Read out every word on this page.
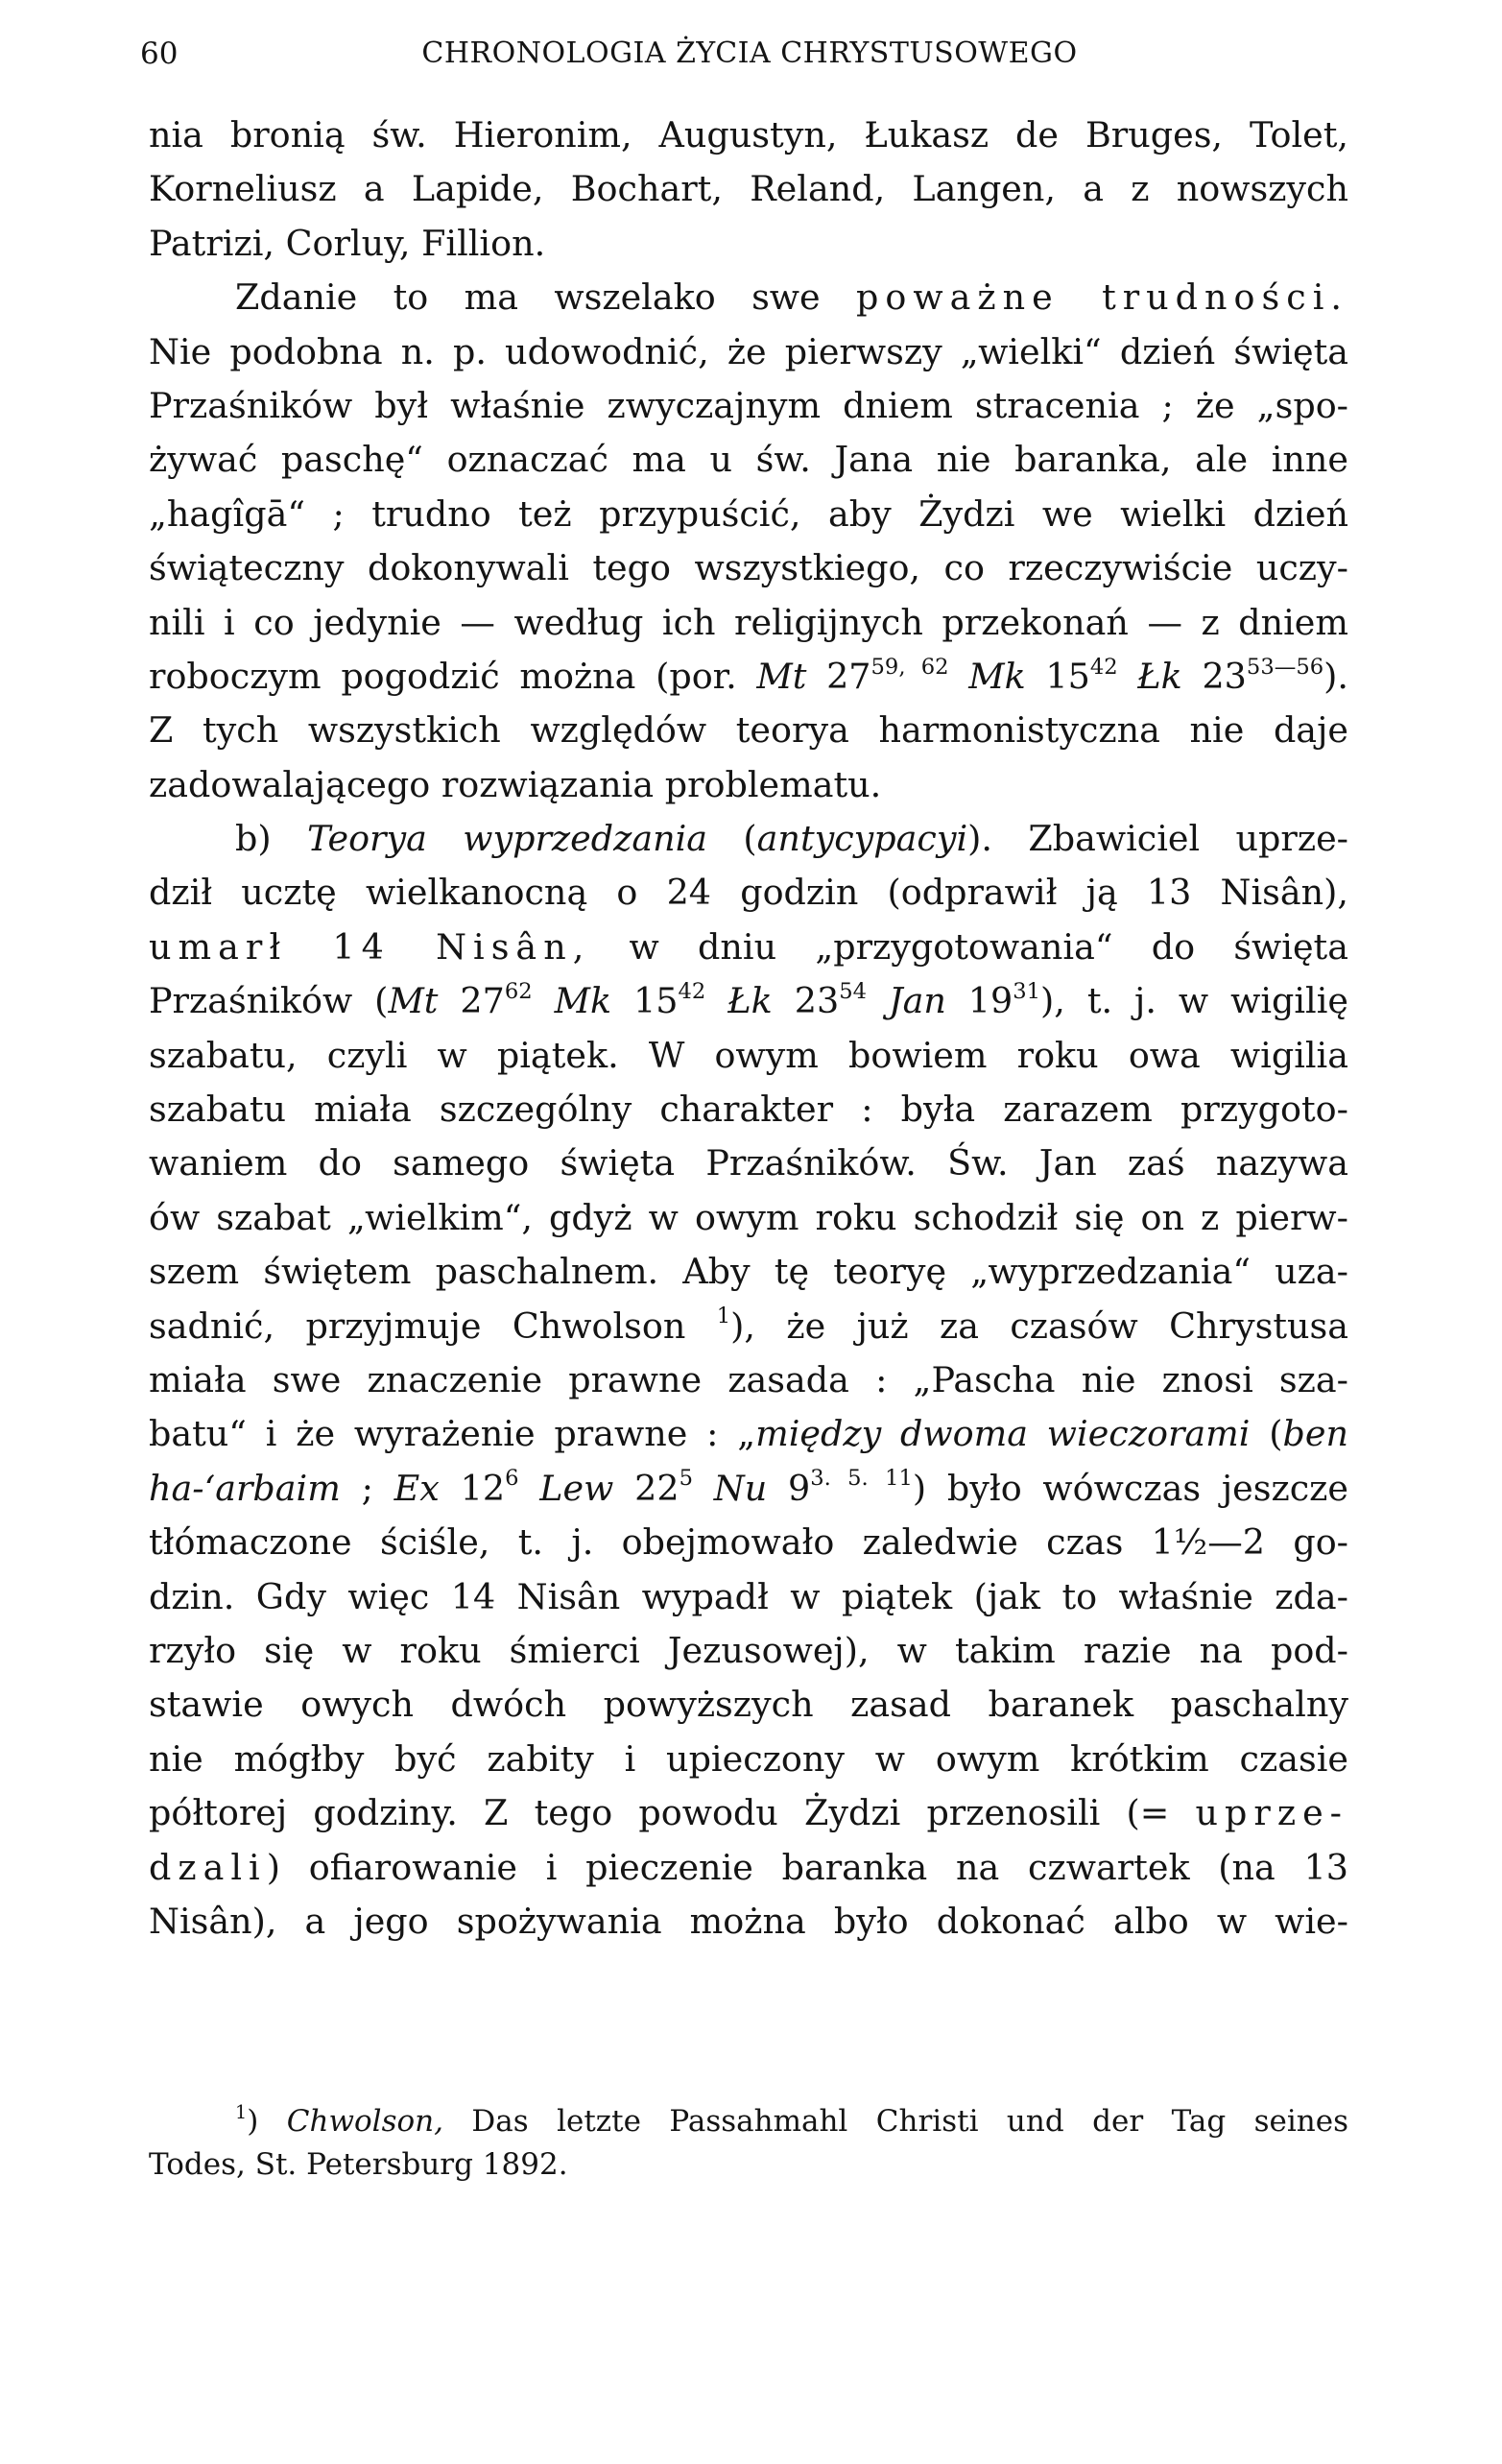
60	CHRONOLOGIA ŻYCIA CHRYSTUSOWEGO
nia bronią św. Hieronim, Augustyn, Łukasz de Bruges, Tolet,
Korneliusz a Lapide, Bochart, Reland, Langen, a z nowszych
Patrizi, Corluy, Fillion.
Zdanie to ma wszelako swe poważne trudności.
Nie podobna n. p. udowodnić, że pierwszy „wielki“ dzień święta
Przaśników był właśnie zwyczajnym dniem stracenia ; że „spo-
żywać paschę“ oznaczać ma u św. Jana nie baranka, ale inne
„hagîgā“ ; trudno też przypuścić, aby Żydzi we wielki dzień
świąteczny dokonywali tego wszystkiego, co rzeczywiście uczy-
nili i co jedynie — według ich religijnych przekonań — z dniem
roboczym pogodzić można (por. Mt 27$^{59, 62}$ Mk $15^{42}$ Łk $23^{53—56}$).
Z tych wszystkich względów teorya harmonistyczna nie daje
zadowalającego rozwiązania problematu.
b) Teorya wyprzedzania (antycypacyi). Zbawiciel uprze-
dził ucztę wielkanocną o 24 godzin (odprawił ją 13 Nisân),
umarł 14 Nisân, w dniu „przygotowania“ do święta
Przaśników (Mt $27^{62}$ Mk $15^{42}$ Łk $23^{54}$ Jan $19^{31}$), t. j. w wigilię
szabatu, czyli w piątek. W owym bowiem roku owa wigilia
szabatu miała szczególny charakter : była zarazem przygoto-
waniem do samego święta Przaśników. Św. Jan zaś nazywa
ów szabat „wielkim“, gdyż w owym roku schodził się on z pierw-
szem świętem paschalnem. Aby tę teoryę „wyprzedzania“ uza-
sadnić, przyjmuje Chwolson $^1$), że już za czasów Chrystusa
miała swe znaczenie prawne zasada : „Pascha nie znosi sza-
batu“ i że wyrażenie prawne : „między dwoma wieczorami (ben
ha-‘arbaim ; Ex $12^6$ Lew $22^5$ Nu $9^{3. 5. 11}$) było wówczas jeszcze
tłómaczone ściśle, t. j. obejmowało zaledwie czas 1½—2 go-
dzin. Gdy więc 14 Nisân wypadł w piątek (jak to właśnie zda-
rzyło się w roku śmierci Jezusowej), w takim razie na pod-
stawie owych dwóch powyższych zasad baranek paschalny
nie mógłby być zabity i upieczony w owym krótkim czasie
półtorej godziny. Z tego powodu Żydzi przenosili (= uprze-
dzali) ofiarowanie i pieczenie baranka na czwartek (na 13
Nisân), a jego spożywania można było dokonać albo w wie-
$^1$) Chwolson, Das letzte Passahmahl Christi und der Tag seines
Todes, St. Petersburg 1892.
